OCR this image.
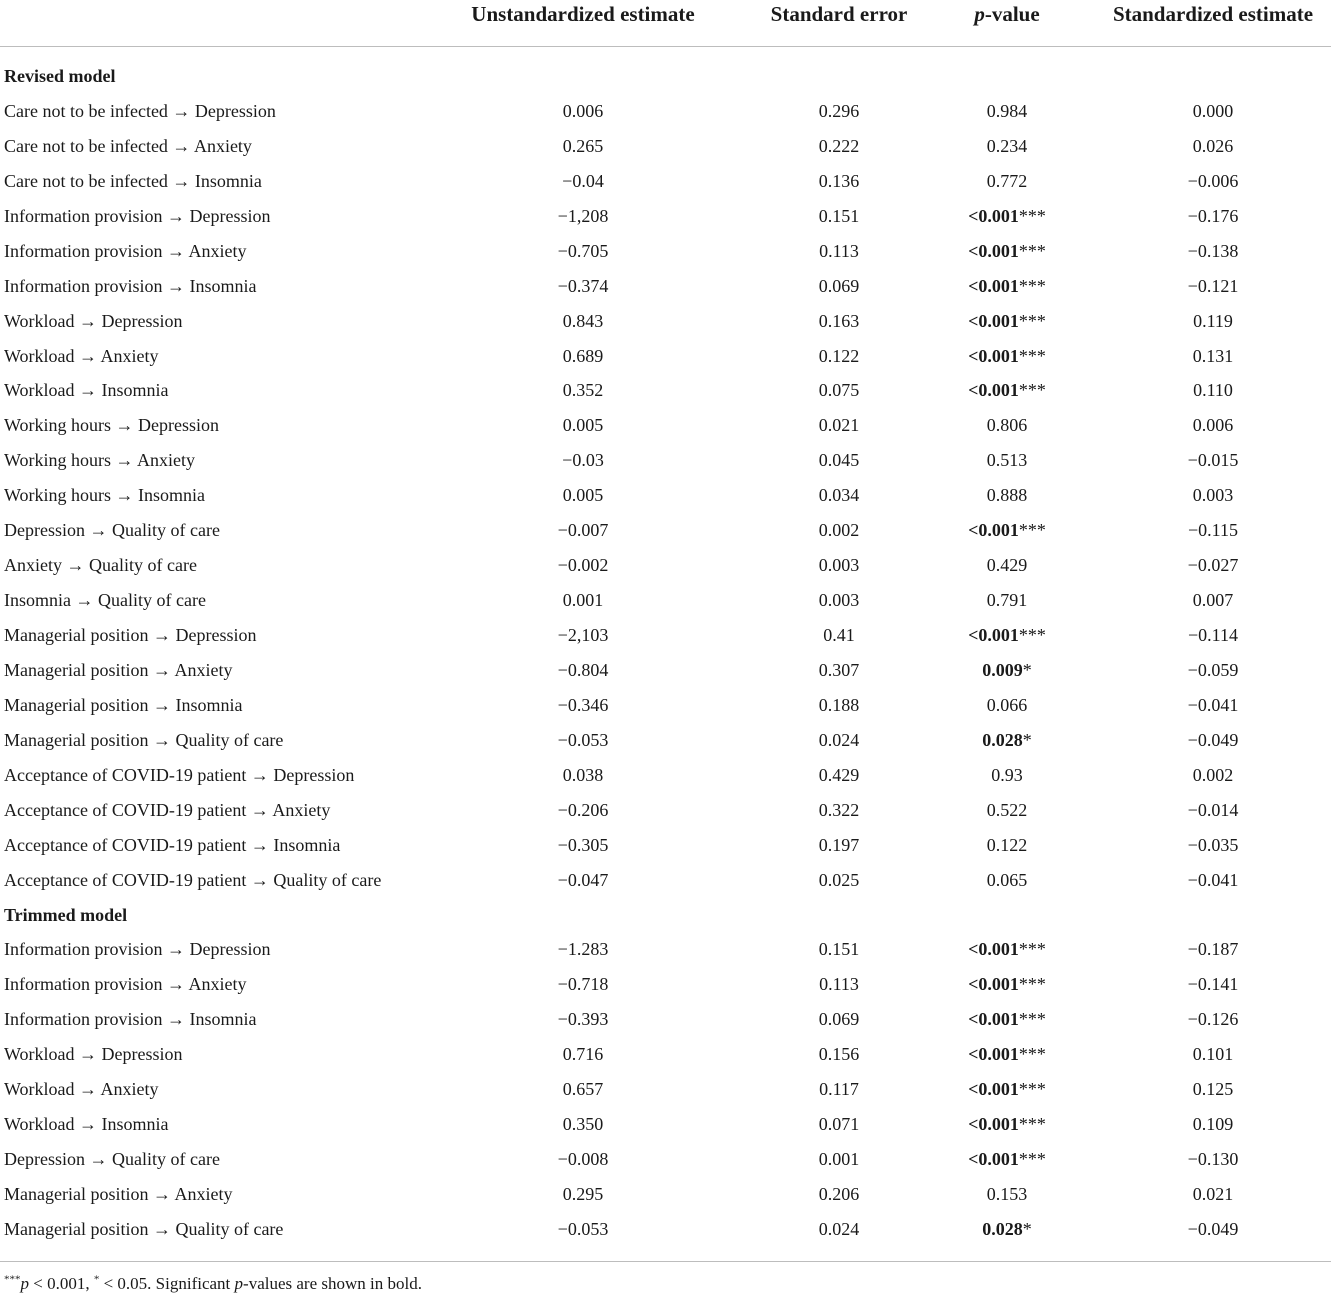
Unstandardized estimate	Standard error	p-value	Standardized estimate
Revised model
Care not to be infected → Depression	0.006	0.296	0.984	0.000
Care not to be infected → Anxiety	0.265	0.222	0.234	0.026
Care not to be infected → Insomnia	−0.04	0.136	0.772	−0.006
Information provision → Depression	−1,208	0.151	<0.001***	−0.176
Information provision → Anxiety	−0.705	0.113	<0.001***	−0.138
Information provision → Insomnia	−0.374	0.069	<0.001***	−0.121
Workload → Depression	0.843	0.163	<0.001***	0.119
Workload → Anxiety	0.689	0.122	<0.001***	0.131
Workload → Insomnia	0.352	0.075	<0.001***	0.110
Working hours → Depression	0.005	0.021	0.806	0.006
Working hours → Anxiety	−0.03	0.045	0.513	−0.015
Working hours → Insomnia	0.005	0.034	0.888	0.003
Depression → Quality of care	−0.007	0.002	<0.001***	−0.115
Anxiety → Quality of care	−0.002	0.003	0.429	−0.027
Insomnia → Quality of care	0.001	0.003	0.791	0.007
Managerial position → Depression	−2,103	0.41	<0.001***	−0.114
Managerial position → Anxiety	−0.804	0.307	0.009*	−0.059
Managerial position → Insomnia	−0.346	0.188	0.066	−0.041
Managerial position → Quality of care	−0.053	0.024	0.028*	−0.049
Acceptance of COVID-19 patient → Depression	0.038	0.429	0.93	0.002
Acceptance of COVID-19 patient → Anxiety	−0.206	0.322	0.522	−0.014
Acceptance of COVID-19 patient → Insomnia	−0.305	0.197	0.122	−0.035
Acceptance of COVID-19 patient → Quality of care	−0.047	0.025	0.065	−0.041
Trimmed model
Information provision → Depression	−1.283	0.151	<0.001***	−0.187
Information provision → Anxiety	−0.718	0.113	<0.001***	−0.141
Information provision → Insomnia	−0.393	0.069	<0.001***	−0.126
Workload → Depression	0.716	0.156	<0.001***	0.101
Workload → Anxiety	0.657	0.117	<0.001***	0.125
Workload → Insomnia	0.350	0.071	<0.001***	0.109
Depression → Quality of care	−0.008	0.001	<0.001***	−0.130
Managerial position → Anxiety	0.295	0.206	0.153	0.021
Managerial position → Quality of care	−0.053	0.024	0.028*	−0.049
***p < 0.001, * < 0.05. Significant p-values are shown in bold.
